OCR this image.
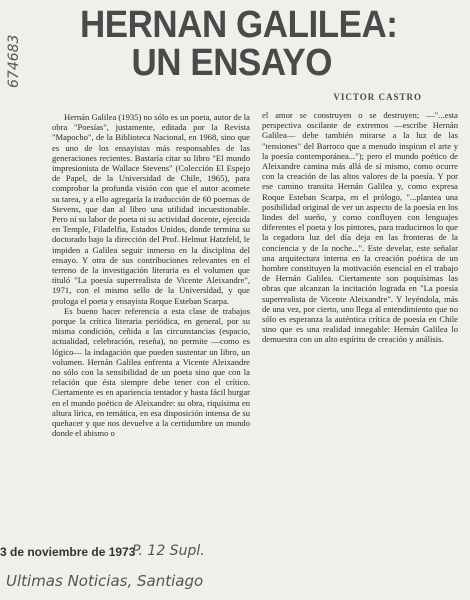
674683
HERNAN GALILEA:
UN ENSAYO
VICTOR CASTRO

Hernán Galilea (1935) no sólo es un poeta, autor de la obra "Poesías", justamente, editada por la Revista "Mapocho", de la Biblioteca Nacional, en 1968, sino que es uno de los ensayistas más responsables de las generaciones recientes. Bastaría citar su libro "El mundo impresionista de Wallace Stevens" (Colección El Espejo de Papel, de la Universidad de Chile, 1965), para comprobar la profunda visión con que el autor acomete su tarea, y a ello agregaría la traducción de 60 poemas de Stevens, que dan al libro una utilidad incuestionable. Pero ni su labor de poeta ni su actividad docente, ejercida en Temple, Filadelfia, Estados Unidos, donde termina su doctorado bajo la dirección del Prof. Helmut Hatzfeld, le impiden a Galilea seguir inmerso en la disciplina del ensayo. Y otra de sus contribuciones relevantes en el terreno de la investigación literaria es el volumen que tituló "La poesía superrealista de Vicente Aleixandre", 1971, con el mismo sello de la Universidad, y que prologa el poeta y ensayista Roque Esteban Scarpa.

Es bueno hacer referencia a esta clase de trabajos porque la crítica literaria periódica, en general, por su misma condición, ceñida a las circunstancias (espacio, actualidad, celebración, reseña), no permite —como es lógico— la indagación que pueden sustentar un libro, un volumen. Hernán Galilea enfrenta a Vicente Aleixandre no sólo con la sensibilidad de un poeta sino que con la relación que ésta siempre debe tener con el crítico. Ciertamente es en apariencia tentador y hasta fácil hurgar en el mundo poético de Aleixandre: su obra, riquísima en altura lírica, en temática, en esa disposición intensa de su quehacer y que nos devuelve a la certidumbre un mundo donde el abismo o

el amor se construyen o se destruyen; —"...esta perspectiva oscilante de extremos —escribe Hernán Galilea— debe también mirarse a la luz de las "tensiones" del Barroco que a menudo inspiran el arte y la poesía contemporánea..."); pero el mundo poético de Aleixandre camina más allá de sí mismo, como ocurre con la creación de las altos valores de la poesía. Y por ese camino transita Hernán Galilea y, como expresa Roque Esteban Scarpa, en el prólogo, "...plantea una posibilidad original de ver un aspecto de la poesía en los lindes del sueño, y como confluyen con lenguajes diferentes el poeta y los pintores, para traducirnos lo que la cegadora luz del día deja en las fronteras de la conciencia y de la noche...". Este develar, este señalar una arquitectura interna en la creación poética de un hombre constituyen la motivación esencial en el trabajo de Hernán Galilea. Ciertamente son poquísimas las obras que alcanzan la incitación lograda en "La poesía superrealista de Vicente Aleixandre". Y leyéndola, más de una vez, por cierto, uno llega al entendimiento que no sólo es esperanza la auténtica crítica de poesía en Chile sino que es una realidad innegable: Hernán Galilea lo demuestra con un alto espíritu de creación y análisis.

3 de noviembre de 1973
P. 12 Supl.
Ultimas Noticias, Santiago
